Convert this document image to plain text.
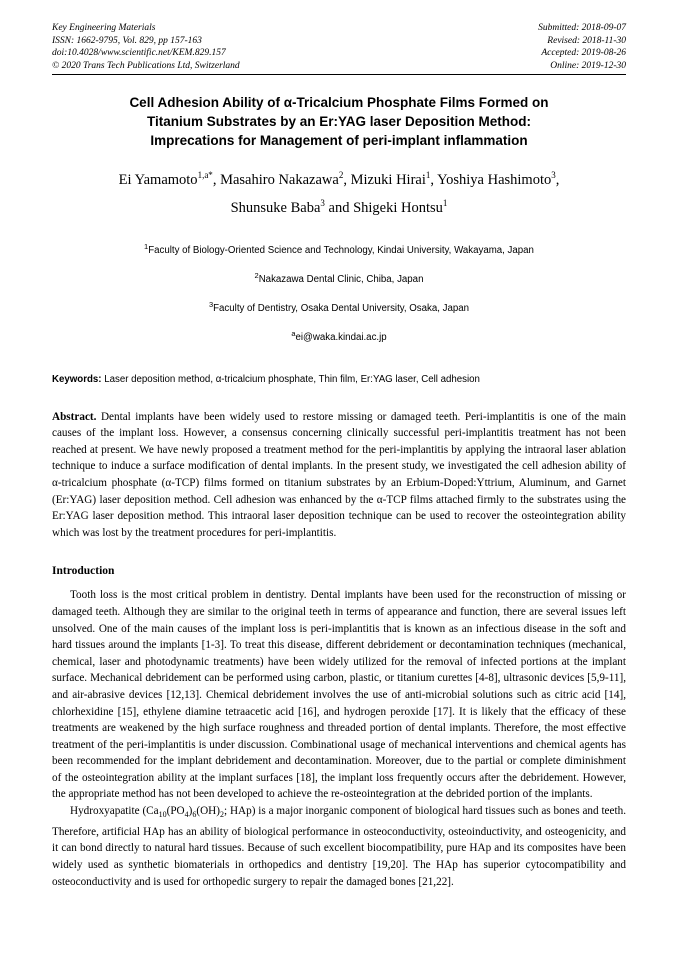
Key Engineering Materials
ISSN: 1662-9795, Vol. 829, pp 157-163
doi:10.4028/www.scientific.net/KEM.829.157
© 2020 Trans Tech Publications Ltd, Switzerland
Submitted: 2018-09-07
Revised: 2018-11-30
Accepted: 2019-08-26
Online: 2019-12-30
Cell Adhesion Ability of α-Tricalcium Phosphate Films Formed on
Titanium Substrates by an Er:YAG laser Deposition Method:
Imprecations for Management of peri-implant inflammation
Ei Yamamoto$^{1,a*}$, Masahiro Nakazawa$^2$, Mizuki Hirai$^1$, Yoshiya Hashimoto$^3$,
Shunsuke Baba$^3$ and Shigeki Hontsu$^1$
$^1$Faculty of Biology-Oriented Science and Technology, Kindai University, Wakayama, Japan
$^2$Nakazawa Dental Clinic, Chiba, Japan
$^3$Faculty of Dentistry, Osaka Dental University, Osaka, Japan
$^a$ei@waka.kindai.ac.jp
Keywords: Laser deposition method, α-tricalcium phosphate, Thin film, Er:YAG laser, Cell adhesion
Abstract. Dental implants have been widely used to restore missing or damaged teeth. Peri-implantitis is one of the main causes of the implant loss. However, a consensus concerning clinically successful peri-implantitis treatment has not been reached at present. We have newly proposed a treatment method for the peri-implantitis by applying the intraoral laser ablation technique to induce a surface modification of dental implants. In the present study, we investigated the cell adhesion ability of α-tricalcium phosphate (α-TCP) films formed on titanium substrates by an Erbium-Doped:Yttrium, Aluminum, and Garnet (Er:YAG) laser deposition method. Cell adhesion was enhanced by the α-TCP films attached firmly to the substrates using the Er:YAG laser deposition method. This intraoral laser deposition technique can be used to recover the osteointegration ability which was lost by the treatment procedures for peri-implantitis.
Introduction

Tooth loss is the most critical problem in dentistry. Dental implants have been used for the reconstruction of missing or damaged teeth. Although they are similar to the original teeth in terms of appearance and function, there are several issues left unsolved. One of the main causes of the implant loss is peri-implantitis that is known as an infectious disease in the soft and hard tissues around the implants [1-3]. To treat this disease, different debridement or decontamination techniques (mechanical, chemical, laser and photodynamic treatments) have been widely utilized for the removal of infected portions at the implant surface. Mechanical debridement can be performed using carbon, plastic, or titanium curettes [4-8], ultrasonic devices [5,9-11], and air-abrasive devices [12,13]. Chemical debridement involves the use of anti-microbial solutions such as citric acid [14], chlorhexidine [15], ethylene diamine tetraacetic acid [16], and hydrogen peroxide [17]. It is likely that the efficacy of these treatments are weakened by the high surface roughness and threaded portion of dental implants. Therefore, the most effective treatment of the peri-implantitis is under discussion. Combinational usage of mechanical interventions and chemical agents has been recommended for the implant debridement and decontamination. Moreover, due to the partial or complete diminishment of the osteointegration ability at the implant surfaces [18], the implant loss frequently occurs after the debridement. However, the appropriate method has not been developed to achieve the re-osteointegration at the debrided portion of the implants.

Hydroxyapatite ($Ca_{10}(PO_4)_6(OH)_2$; HAp) is a major inorganic component of biological hard tissues such as bones and teeth. Therefore, artificial HAp has an ability of biological performance in osteoconductivity, osteoinductivity, and osteogenicity, and it can bond directly to natural hard tissues. Because of such excellent biocompatibility, pure HAp and its composites have been widely used as synthetic biomaterials in orthopedics and dentistry [19,20]. The HAp has superior cytocompatibility and osteoconductivity and is used for orthopedic surgery to repair the damaged bones [21,22].
